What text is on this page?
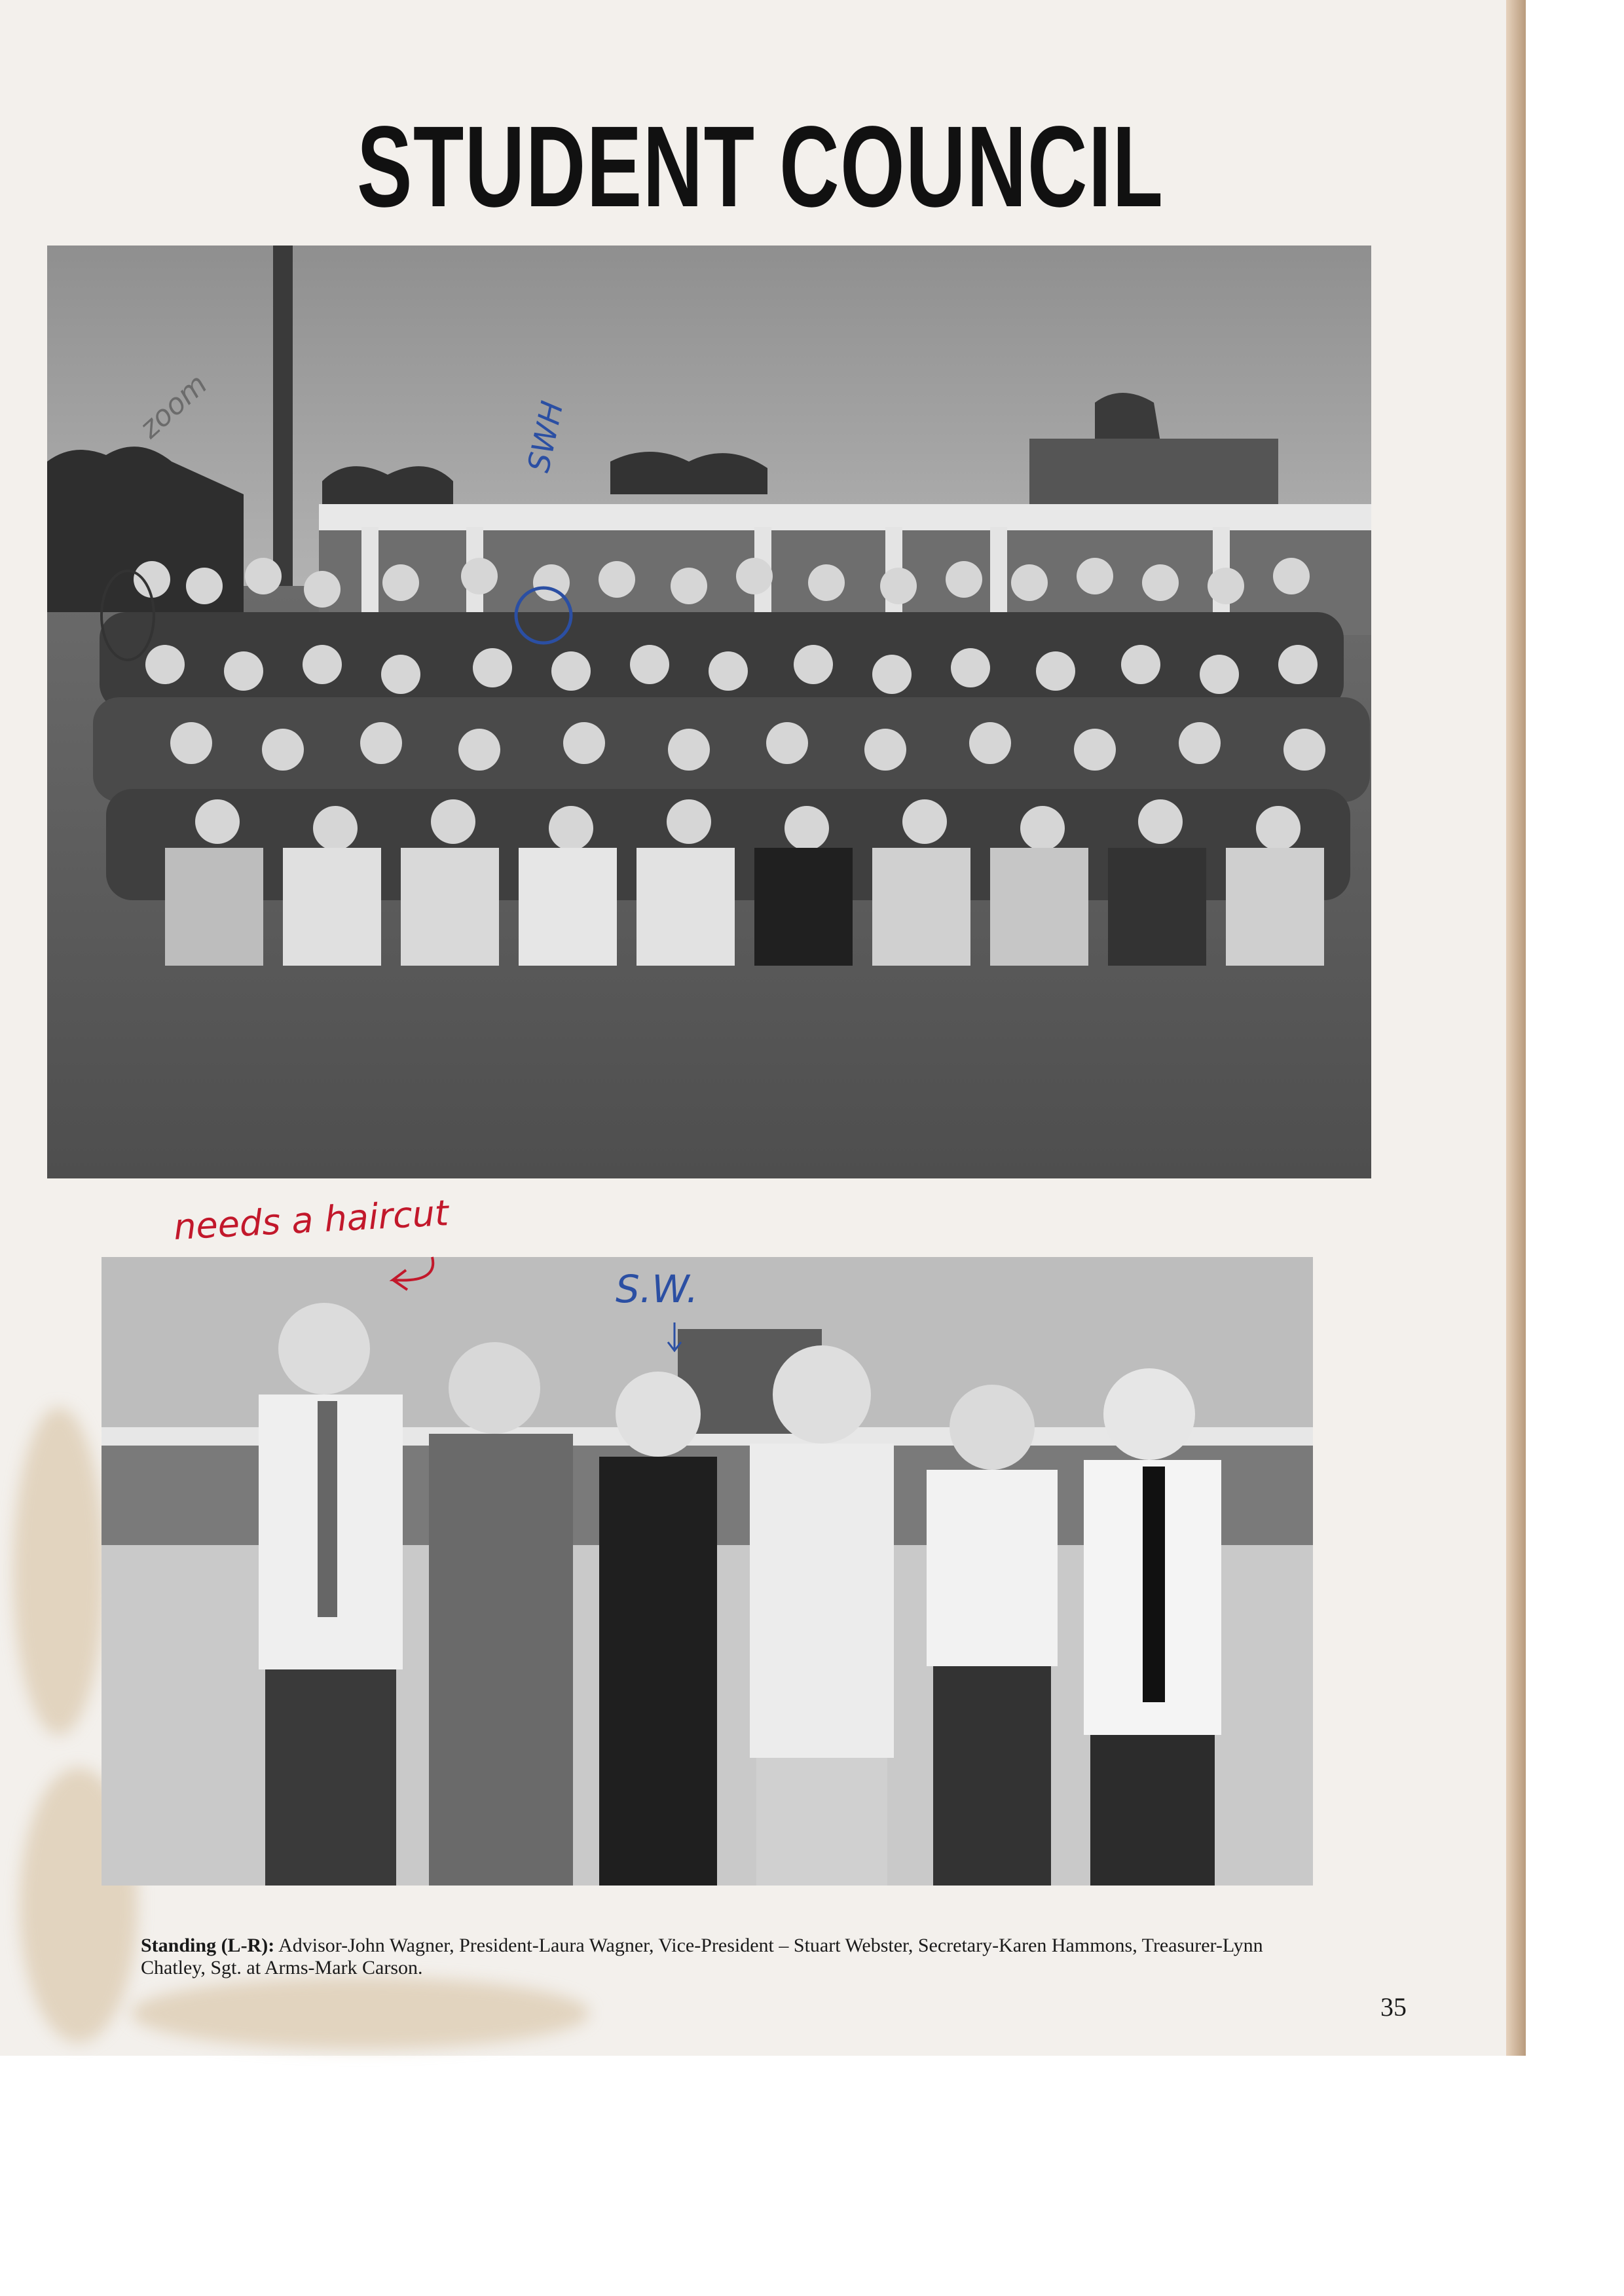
STUDENT COUNCIL
zoom	SWH
needs a haircut
S.W.
Standing (L-R): Advisor-John Wagner, President-Laura Wagner, Vice-President – Stuart Webster, Secretary-Karen Hammons, Treasurer-Lynn Chatley, Sgt. at Arms-Mark Carson.
35
